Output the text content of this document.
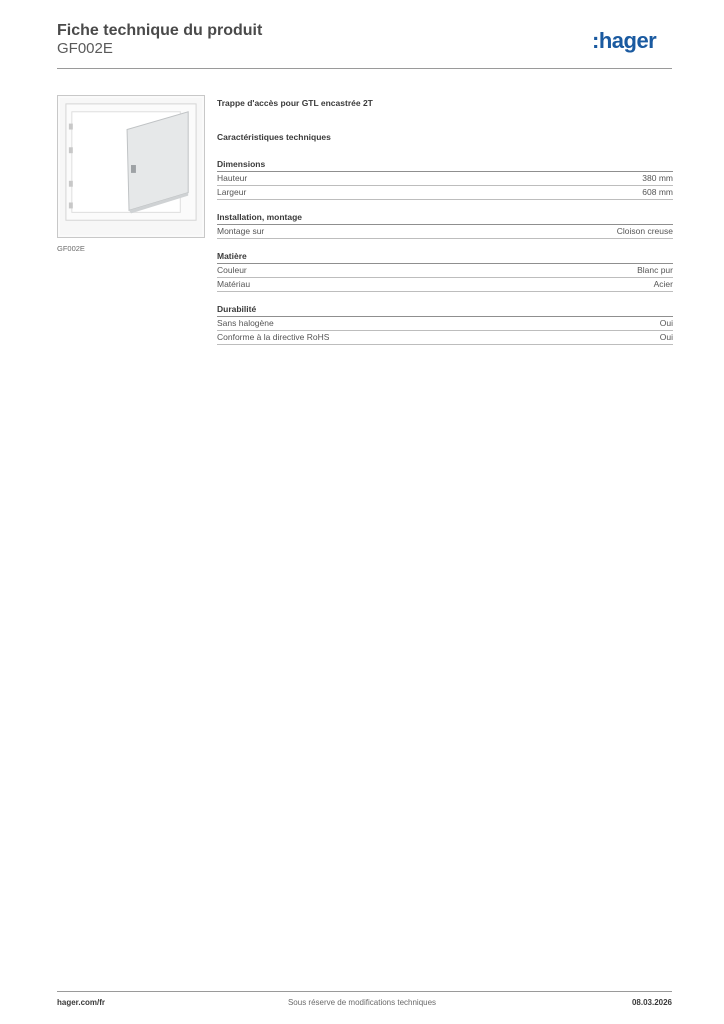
Fiche technique du produit
GF002E	:hager
GF002E
Trappe d'accès pour GTL encastrée 2T
Caractéristiques techniques
Dimensions
Hauteur	380 mm
Largeur	608 mm
Installation, montage
Montage sur	Cloison creuse
Matière
Couleur	Blanc pur
Matériau	Acier
Durabilité
Sans halogène	Oui
Conforme à la directive RoHS	Oui
hager.com/fr	Sous réserve de modifications techniques	08.03.2026
